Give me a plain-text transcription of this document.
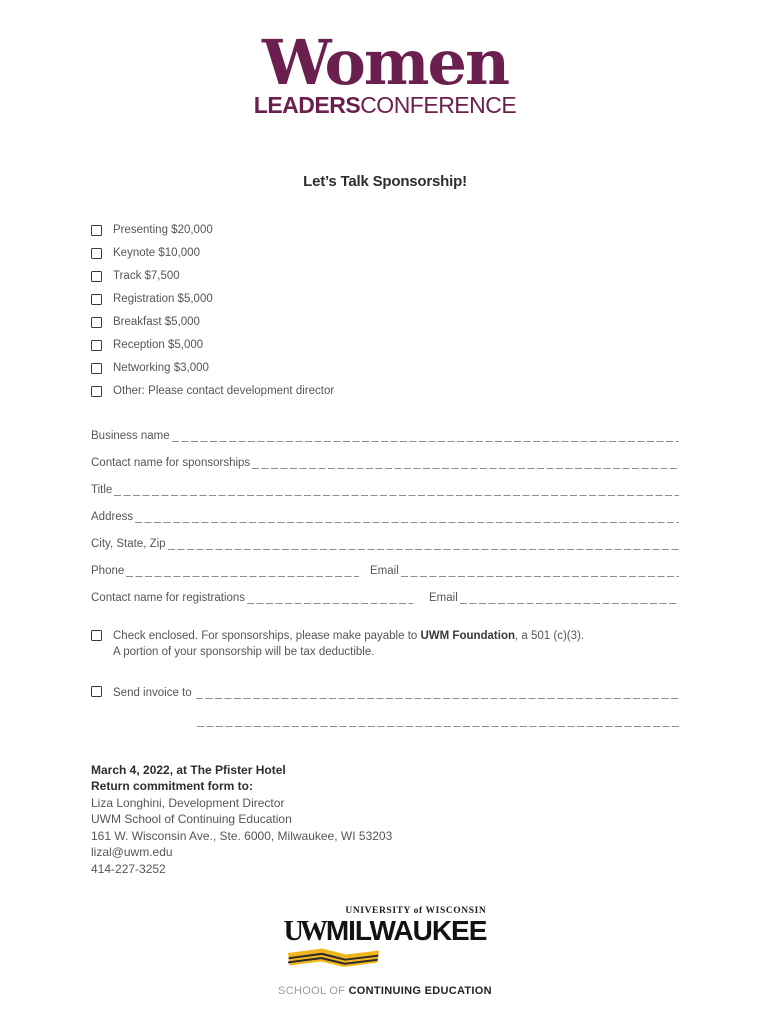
Women
LEADERSCONFERENCE
Let’s Talk Sponsorship!
Presenting $20,000
Keynote $10,000
Track $7,500
Registration $5,000
Breakfast $5,000
Reception $5,000
Networking $3,000
Other: Please contact development director
Business name
Contact name for sponsorships
Title
Address
City, State, Zip
Phone	Email
Contact name for registrations	Email
Check enclosed. For sponsorships, please make payable to UWM Foundation, a 501 (c)(3).
A portion of your sponsorship will be tax deductible.
Send invoice to
March 4, 2022, at The Pfister Hotel
Return commitment form to:
Liza Longhini, Development Director
UWM School of Continuing Education
161 W. Wisconsin Ave., Ste. 6000, Milwaukee, WI 53203
lizal@uwm.edu
414-227-3252
UNIVERSITY of WISCONSIN
UWMILWAUKEE
SCHOOL OF CONTINUING EDUCATION
